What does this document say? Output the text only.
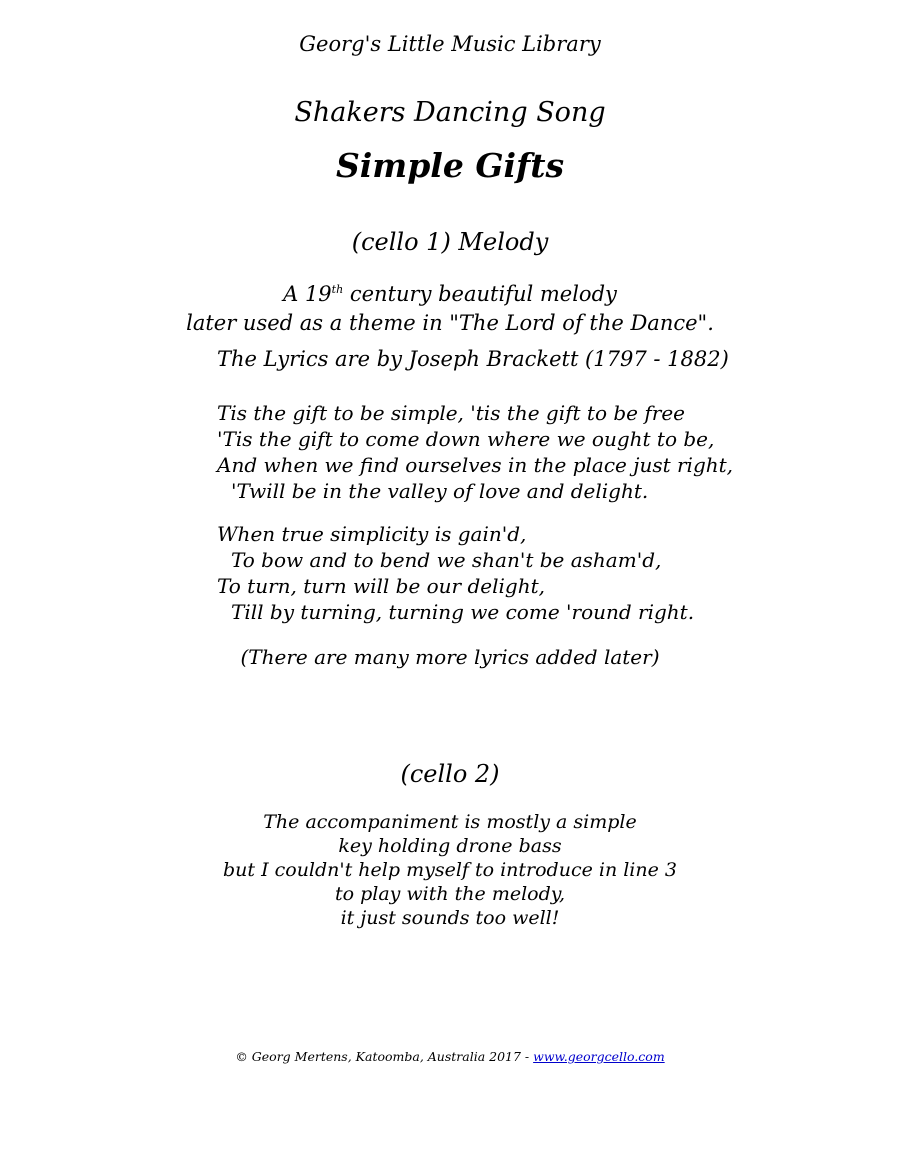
Georg's Little Music Library
Shakers Dancing Song
Simple Gifts
(cello 1) Melody
A 19th century beautiful melody
later used as a theme in "The Lord of the Dance".
The Lyrics are by Joseph Brackett (1797 - 1882)
Tis the gift to be simple, 'tis the gift to be free
'Tis the gift to come down where we ought to be,
And when we find ourselves in the place just right,
'Twill be in the valley of love and delight.
When true simplicity is gain'd,
To bow and to bend we shan't be asham'd,
To turn, turn will be our delight,
Till by turning, turning we come 'round right.
(There are many more lyrics added later)
(cello 2)
The accompaniment is mostly a simple
key holding drone bass
but I couldn't help myself to introduce in line 3
to play with the melody,
it just sounds too well!
© Georg Mertens, Katoomba, Australia 2017 - www.georgcello.com
